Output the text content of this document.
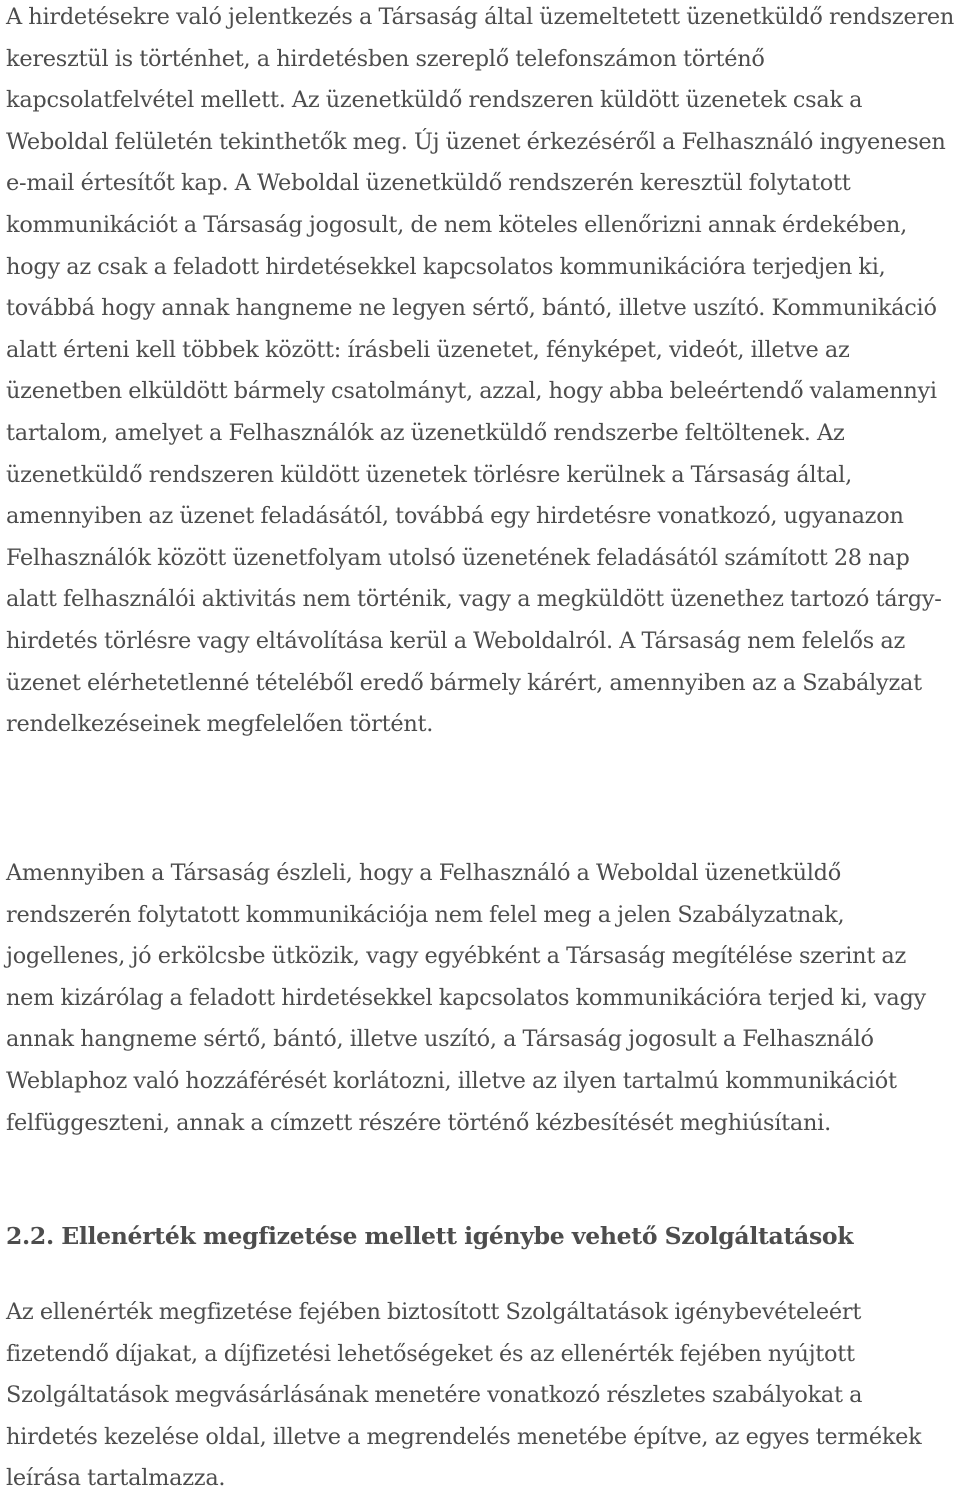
A hirdetésekre való jelentkezés a Társaság által üzemeltetett üzenetküldő rendszeren keresztül is történhet, a hirdetésben szereplő telefonszámon történő kapcsolatfelvétel mellett. Az üzenetküldő rendszeren küldött üzenetek csak a Weboldal felületén tekinthetők meg. Új üzenet érkezéséről a Felhasználó ingyenesen e-mail értesítőt kap. A Weboldal üzenetküldő rendszerén keresztül folytatott kommunikációt a Társaság jogosult, de nem köteles ellenőrizni annak érdekében, hogy az csak a feladott hirdetésekkel kapcsolatos kommunikációra terjedjen ki, továbbá hogy annak hangneme ne legyen sértő, bántó, illetve uszító. Kommunikáció alatt érteni kell többek között: írásbeli üzenetet, fényképet, videót, illetve az üzenetben elküldött bármely csatolmányt, azzal, hogy abba beleértendő valamennyi tartalom, amelyet a Felhasználók az üzenetküldő rendszerbe feltöltenek. Az üzenetküldő rendszeren küldött üzenetek törlésre kerülnek a Társaság által, amennyiben az üzenet feladásától, továbbá egy hirdetésre vonatkozó, ugyanazon Felhasználók között üzenetfolyam utolsó üzenetének feladásától számított 28 nap alatt felhasználói aktivitás nem történik, vagy a megküldött üzenethez tartozó tárgy-hirdetés törlésre vagy eltávolítása kerül a Weboldalról. A Társaság nem felelős az üzenet elérhetetlenné tételéből eredő bármely kárért, amennyiben az a Szabályzat rendelkezéseinek megfelelően történt.

Amennyiben a Társaság észleli, hogy a Felhasználó a Weboldal üzenetküldő rendszerén folytatott kommunikációja nem felel meg a jelen Szabályzatnak, jogellenes, jó erkölcsbe ütközik, vagy egyébként a Társaság megítélése szerint az nem kizárólag a feladott hirdetésekkel kapcsolatos kommunikációra terjed ki, vagy annak hangneme sértő, bántó, illetve uszító, a Társaság jogosult a Felhasználó Weblaphoz való hozzáférését korlátozni, illetve az ilyen tartalmú kommunikációt felfüggeszteni, annak a címzett részére történő kézbesítését meghiúsítani.

2.2. Ellenérték megfizetése mellett igénybe vehető Szolgáltatások

Az ellenérték megfizetése fejében biztosított Szolgáltatások igénybevételeért fizetendő díjakat, a díjfizetési lehetőségeket és az ellenérték fejében nyújtott Szolgáltatások megvásárlásának menetére vonatkozó részletes szabályokat a hirdetés kezelése oldal, illetve a megrendelés menetébe építve, az egyes termékek leírása tartalmazza.
